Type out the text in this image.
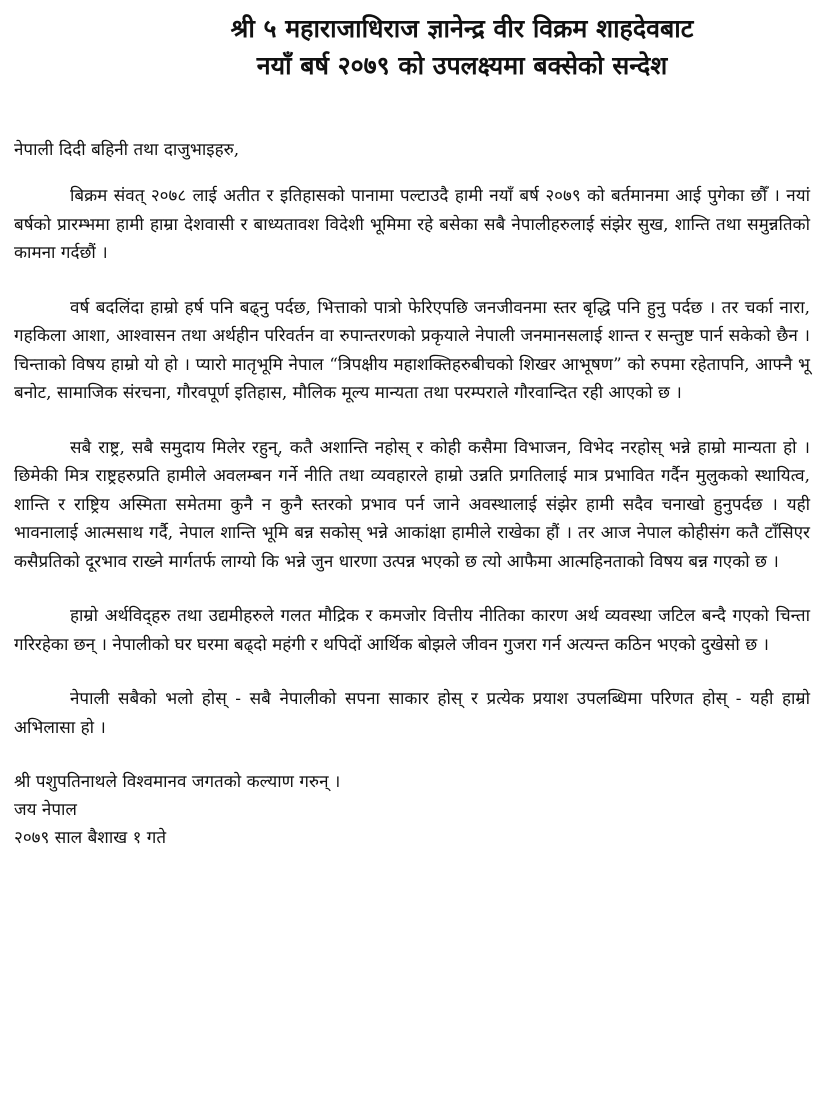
श्री ५ महाराजाधिराज ज्ञानेन्द्र वीर विक्रम शाहदेवबाट
नयाँ बर्ष २०७९ को उपलक्ष्यमा बक्सेको सन्देश

नेपाली दिदी बहिनी तथा दाजुभाइहरु,

बिक्रम संवत् २०७८ लाई अतीत र इतिहासको पानामा पल्टाउदै हामी नयाँ बर्ष २०७९ को बर्तमानमा आई पुगेका छौँ । नयां बर्षको प्रारम्भमा हामी हाम्रा देशवासी र बाध्यतावश विदेशी भूमिमा रहे बसेका सबै नेपालीहरुलाई संझेर सुख, शान्ति तथा समुन्नतिको कामना गर्दछौं ।

वर्ष बदलिंदा हाम्रो हर्ष पनि बढ्नु पर्दछ, भित्ताको पात्रो फेरिएपछि जनजीवनमा स्तर बृद्धि पनि हुनु पर्दछ । तर चर्का नारा, गहकिला आशा, आश्वासन तथा अर्थहीन परिवर्तन वा रुपान्तरणको प्रकृयाले नेपाली जनमानसलाई शान्त र सन्तुष्ट पार्न सकेको छैन । चिन्ताको विषय हाम्रो यो हो । प्यारो मातृभूमि नेपाल “त्रिपक्षीय महाशक्तिहरुबीचको शिखर आभूषण” को रुपमा रहेतापनि, आफ्नै भू बनोट, सामाजिक संरचना, गौरवपूर्ण इतिहास, मौलिक मूल्य मान्यता तथा परम्पराले गौरवान्दित रही आएको छ ।

सबै राष्ट्र, सबै समुदाय मिलेर रहुन्, कतै अशान्ति नहोस् र कोही कसैमा विभाजन, विभेद नरहोस् भन्ने हाम्रो मान्यता हो । छिमेकी मित्र राष्ट्रहरुप्रति हामीले अवलम्बन गर्ने नीति तथा व्यवहारले हाम्रो उन्नति प्रगतिलाई मात्र प्रभावित गर्दैन मुलुकको स्थायित्व, शान्ति र राष्ट्रिय अस्मिता समेतमा कुनै न कुनै स्तरको प्रभाव पर्न जाने अवस्थालाई संझेर हामी सदैव चनाखो हुनुपर्दछ । यही भावनालाई आत्मसाथ गर्दै, नेपाल शान्ति भूमि बन्न सकोस् भन्ने आकांक्षा हामीले राखेका हौं । तर आज नेपाल कोहीसंग कतै टाँसिएर कसैप्रतिको दूरभाव राख्ने मार्गतर्फ लाग्यो कि भन्ने जुन धारणा उत्पन्न भएको छ त्यो आफैमा आत्महिनताको विषय बन्न गएको छ ।

हाम्रो अर्थविद्हरु तथा उद्यमीहरुले गलत मौद्रिक र कमजोर वित्तीय नीतिका कारण अर्थ व्यवस्था जटिल बन्दै गएको चिन्ता गरिरहेका छन् । नेपालीको घर घरमा बढ्दो महंगी र थपिदों आर्थिक बोझले जीवन गुजरा गर्न अत्यन्त कठिन भएको दुखेसो छ ।

नेपाली सबैको भलो होस् - सबै नेपालीको सपना साकार होस् र प्रत्येक प्रयाश उपलब्धिमा परिणत होस् - यही हाम्रो अभिलासा हो ।

श्री पशुपतिनाथले विश्वमानव जगतको कल्याण गरुन् ।

जय नेपाल

२०७९ साल बैशाख १ गते
